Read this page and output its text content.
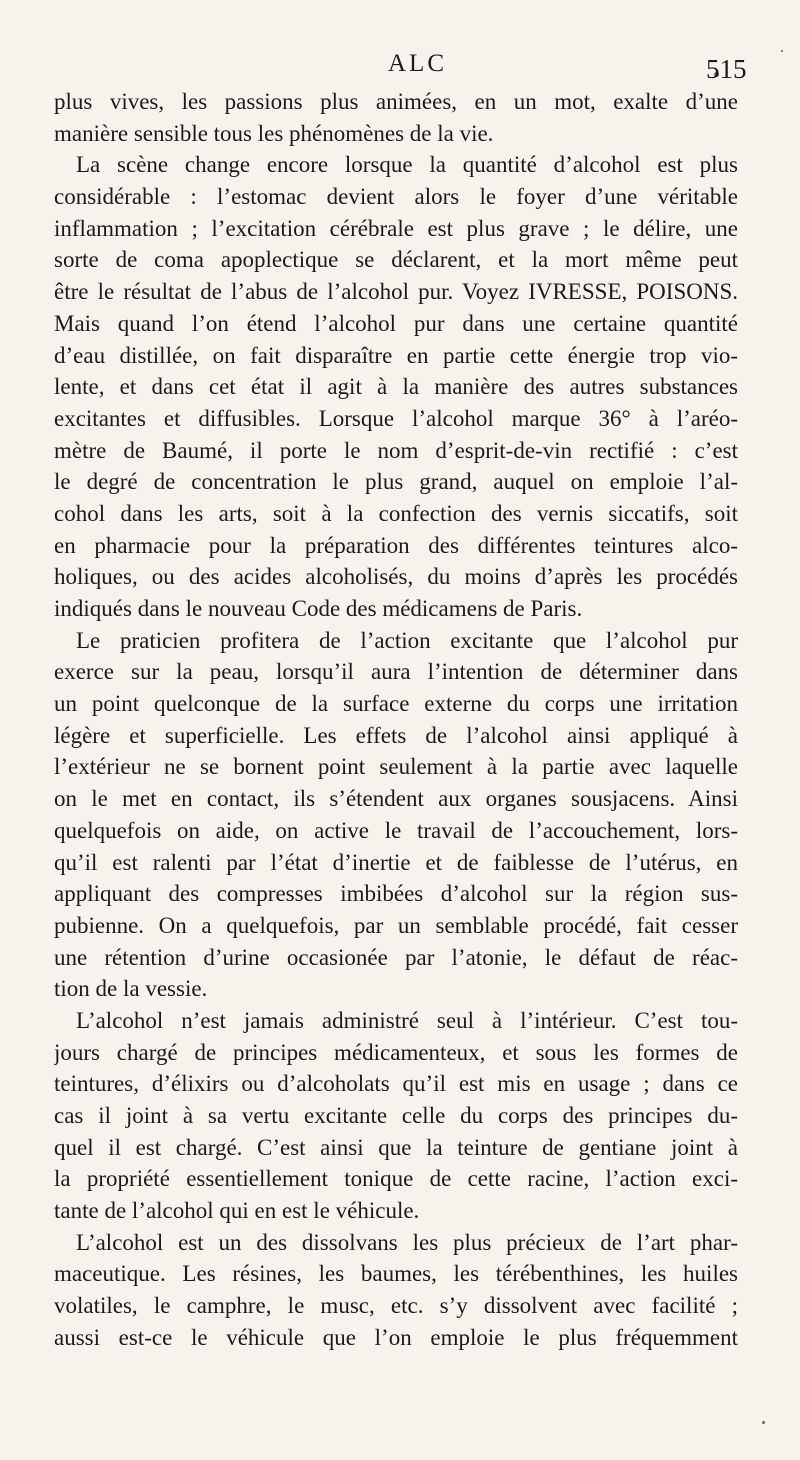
ALC	515
plus vives, les passions plus animées, en un mot, exalte d’une
manière sensible tous les phénomènes de la vie.
La scène change encore lorsque la quantité d’alcohol est plus
considérable : l’estomac devient alors le foyer d’une véritable
inflammation ; l’excitation cérébrale est plus grave ; le délire, une
sorte de coma apoplectique se déclarent, et la mort même peut
être le résultat de l’abus de l’alcohol pur. Voyez IVRESSE, POISONS.
Mais quand l’on étend l’alcohol pur dans une certaine quantité
d’eau distillée, on fait disparaître en partie cette énergie trop vio-
lente, et dans cet état il agit à la manière des autres substances
excitantes et diffusibles. Lorsque l’alcohol marque 36° à l’aréo-
mètre de Baumé, il porte le nom d’esprit-de-vin rectifié : c’est
le degré de concentration le plus grand, auquel on emploie l’al-
cohol dans les arts, soit à la confection des vernis siccatifs, soit
en pharmacie pour la préparation des différentes teintures alco-
holiques, ou des acides alcoholisés, du moins d’après les procédés
indiqués dans le nouveau Code des médicamens de Paris.
Le praticien profitera de l’action excitante que l’alcohol pur
exerce sur la peau, lorsqu’il aura l’intention de déterminer dans
un point quelconque de la surface externe du corps une irritation
légère et superficielle. Les effets de l’alcohol ainsi appliqué à
l’extérieur ne se bornent point seulement à la partie avec laquelle
on le met en contact, ils s’étendent aux organes sousjacens. Ainsi
quelquefois on aide, on active le travail de l’accouchement, lors-
qu’il est ralenti par l’état d’inertie et de faiblesse de l’utérus, en
appliquant des compresses imbibées d’alcohol sur la région sus-
pubienne. On a quelquefois, par un semblable procédé, fait cesser
une rétention d’urine occasionée par l’atonie, le défaut de réac-
tion de la vessie.
L’alcohol n’est jamais administré seul à l’intérieur. C’est tou-
jours chargé de principes médicamenteux, et sous les formes de
teintures, d’élixirs ou d’alcoholats qu’il est mis en usage ; dans ce
cas il joint à sa vertu excitante celle du corps des principes du-
quel il est chargé. C’est ainsi que la teinture de gentiane joint à
la propriété essentiellement tonique de cette racine, l’action exci-
tante de l’alcohol qui en est le véhicule.
L’alcohol est un des dissolvans les plus précieux de l’art phar-
maceutique. Les résines, les baumes, les térébenthines, les huiles
volatiles, le camphre, le musc, etc. s’y dissolvent avec facilité ;
aussi est-ce le véhicule que l’on emploie le plus fréquemment
